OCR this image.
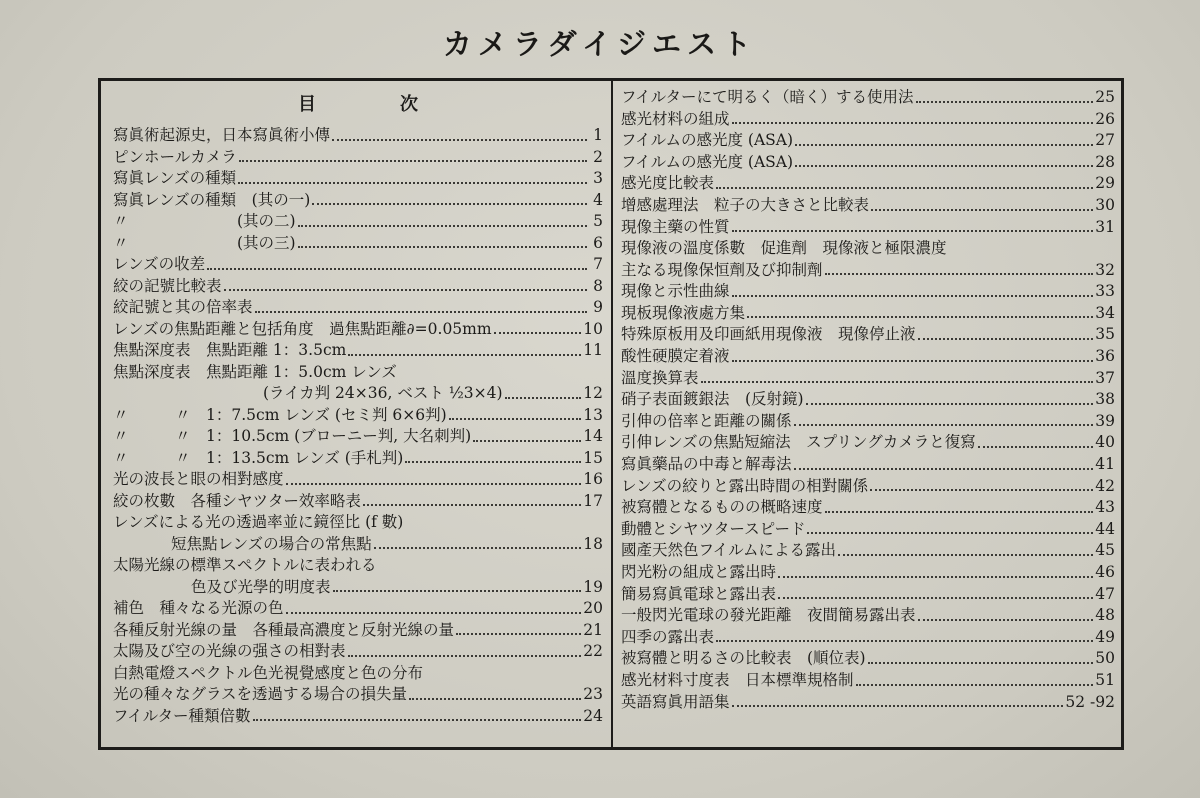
カメラダイジエスト
目次
寫眞術起源史，日本寫眞術小傳	1
ピンホールカメラ	2
寫眞レンズの種類	3
寫眞レンズの種類　(其の一)	4
〃　　　　　　　(其の二)	5
〃　　　　　　　(其の三)	6
レンズの收差	7
絞の記號比較表	8
絞記號と其の倍率表	9
レンズの焦點距離と包括角度　過焦點距離∂=0.05mm	10
焦點深度表　焦點距離 1：3.5cm	11
焦點深度表　焦點距離 1：5.0cm レンズ
(ライカ判 24×36, ベスト ½3×4)	12
〃　　　〃　1：7.5cm レンズ (セミ判 6×6判)	13
〃　　　〃　1：10.5cm (ブローニー判, 大名刺判)	14
〃　　　〃　1：13.5cm レンズ (手札判)	15
光の波長と眼の相對感度	16
絞の枚數　各種シヤツター效率略表	17
レンズによる光の透過率並に鏡徑比 (f 數)
短焦點レンズの場合の常焦點	18
太陽光線の標準スペクトルに表われる
色及び光學的明度表	19
補色　種々なる光源の色	20
各種反射光線の量　各種最高濃度と反射光線の量	21
太陽及び空の光線の强さの相對表	22
白熱電燈スペクトル色光視覺感度と色の分布
光の種々なグラスを透過する場合の損失量	23
フイルター種類倍數	24
フイルターにて明るく（暗く）する使用法	25
感光材料の組成	26
フイルムの感光度 (ASA)	27
フイルムの感光度 (ASA)	28
感光度比較表	29
增感處理法　粒子の大きさと比較表	30
現像主藥の性質	31
現像液の溫度係數　促進劑　現像液と極限濃度
主なる現像保恒劑及び抑制劑	32
現像と示性曲線	33
現板現像液處方集	34
特殊原板用及印画紙用現像液　現像停止液	35
酸性硬膜定着液	36
溫度換算表	37
硝子表面鍍銀法　(反射鏡)	38
引伸の倍率と距離の關係	39
引伸レンズの焦點短縮法　スプリングカメラと復寫	40
寫眞藥品の中毒と解毒法	41
レンズの絞りと露出時間の相對關係	42
被寫體となるものの概略速度	43
動體とシヤツタースピード	44
國產天然色フイルムによる露出	45
閃光粉の組成と露出時	46
簡易寫眞電球と露出表	47
一般閃光電球の發光距離　夜間簡易露出表	48
四季の露出表	49
被寫體と明るさの比較表　(順位表)	50
感光材料寸度表　日本標準規格制	51
英語寫眞用語集	52 -92
